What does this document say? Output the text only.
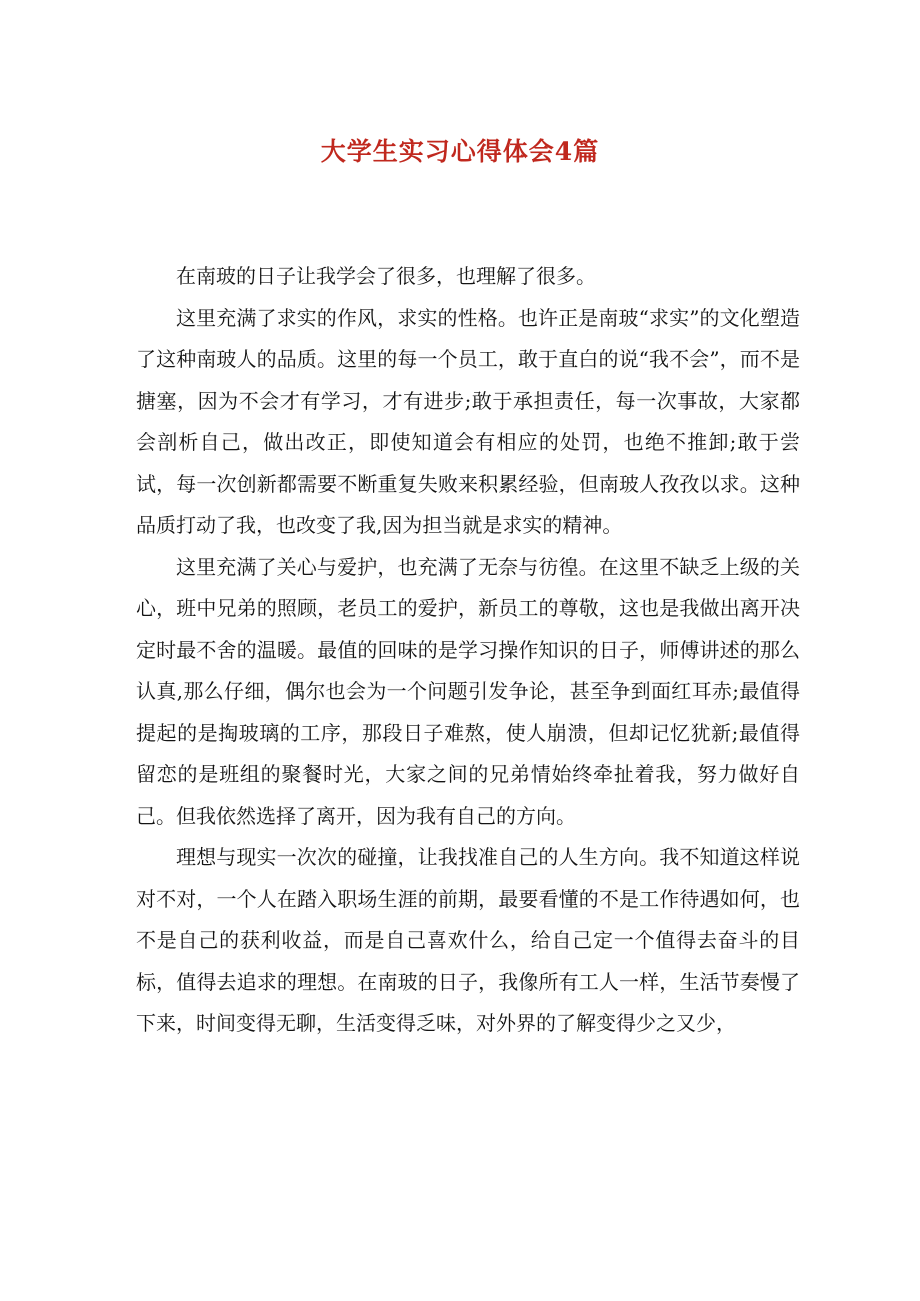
大学生实习心得体会4篇

在南玻的日子让我学会了很多，也理解了很多。

这里充满了求实的作风，求实的性格。也许正是南玻“求实”的文化塑造了这种南玻人的品质。这里的每一个员工，敢于直白的说“我不会”，而不是搪塞，因为不会才有学习，才有进步;敢于承担责任，每一次事故，大家都会剖析自己，做出改正，即使知道会有相应的处罚，也绝不推卸;敢于尝试，每一次创新都需要不断重复失败来积累经验，但南玻人孜孜以求。这种品质打动了我，也改变了我,因为担当就是求实的精神。

这里充满了关心与爱护，也充满了无奈与彷徨。在这里不缺乏上级的关心，班中兄弟的照顾，老员工的爱护，新员工的尊敬，这也是我做出离开决定时最不舍的温暖。最值的回味的是学习操作知识的日子，师傅讲述的那么认真,那么仔细，偶尔也会为一个问题引发争论，甚至争到面红耳赤;最值得提起的是掏玻璃的工序，那段日子难熬，使人崩溃，但却记忆犹新;最值得留恋的是班组的聚餐时光，大家之间的兄弟情始终牵扯着我，努力做好自己。但我依然选择了离开，因为我有自己的方向。

理想与现实一次次的碰撞，让我找准自己的人生方向。我不知道这样说对不对，一个人在踏入职场生涯的前期，最要看懂的不是工作待遇如何，也不是自己的获利收益，而是自己喜欢什么，给自己定一个值得去奋斗的目标，值得去追求的理想。在南玻的日子，我像所有工人一样，生活节奏慢了下来，时间变得无聊，生活变得乏味，对外界的了解变得少之又少，
